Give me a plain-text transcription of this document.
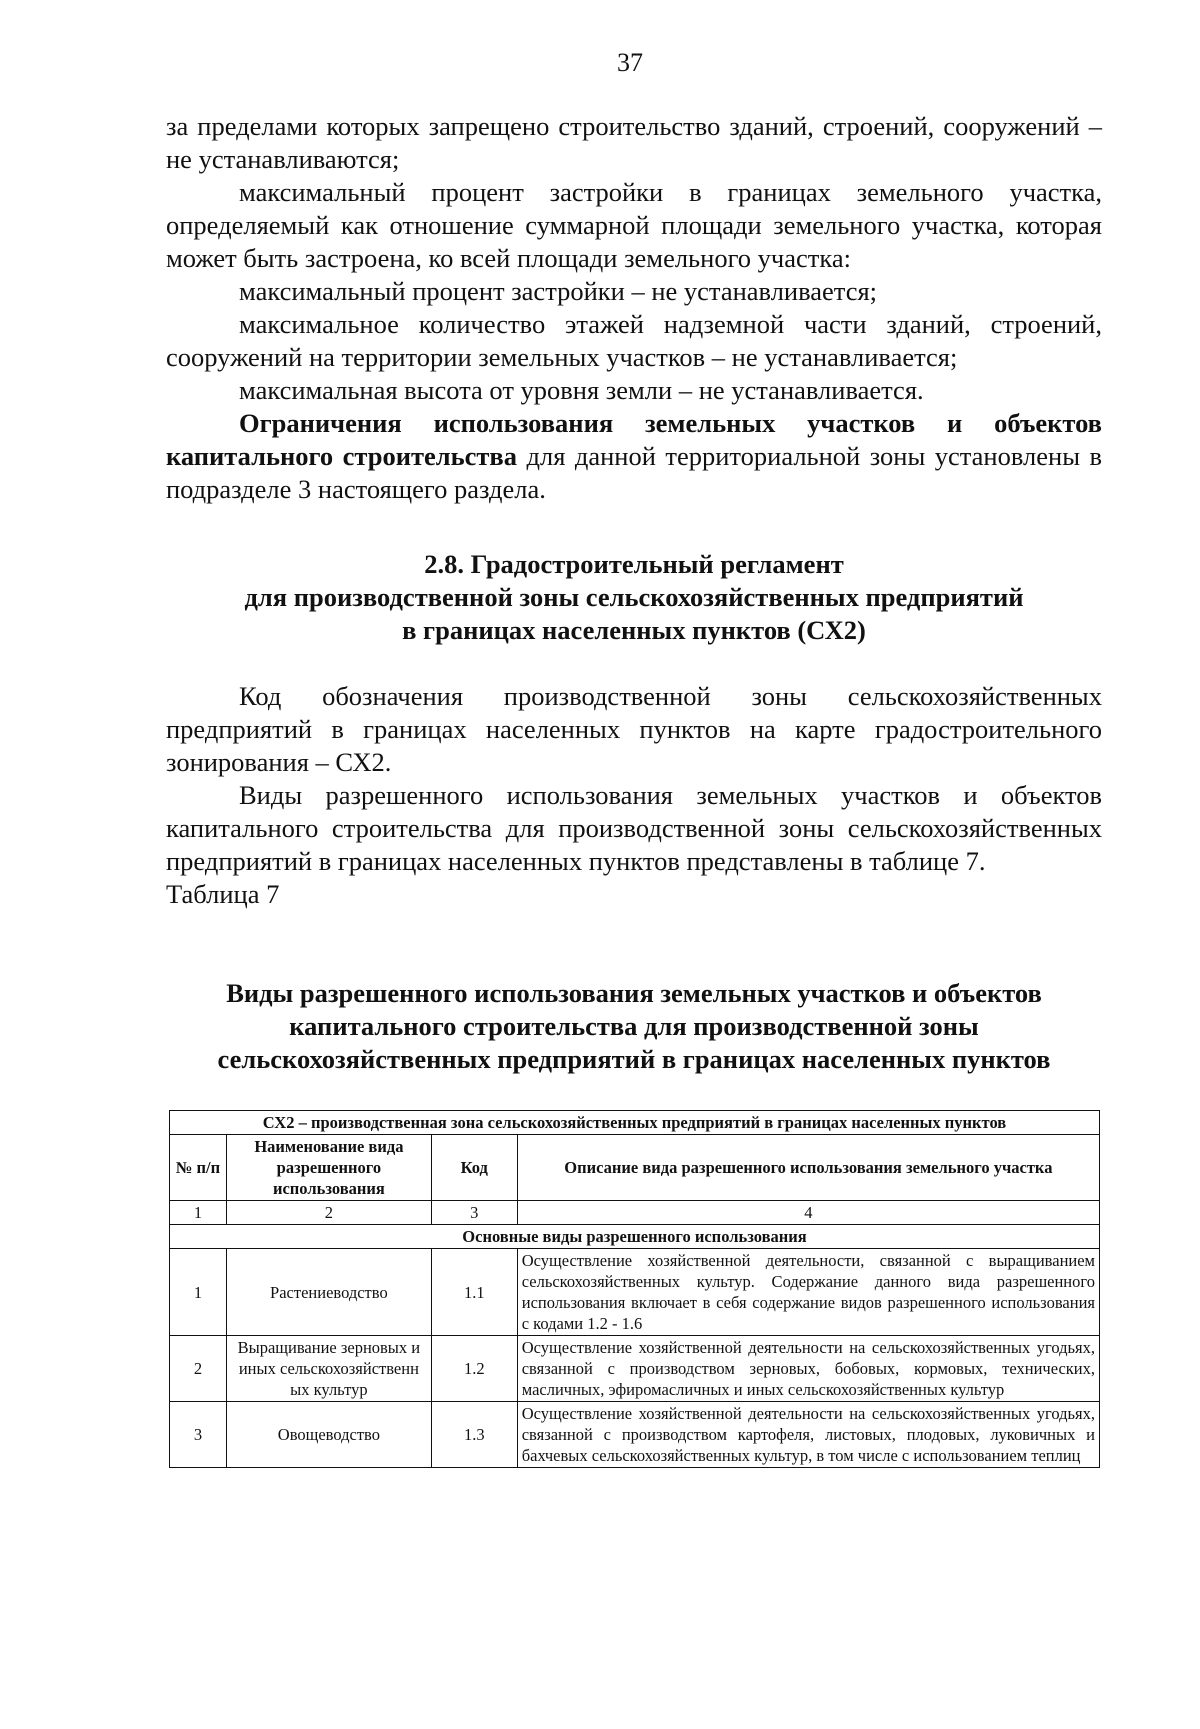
37

за пределами которых запрещено строительство зданий, строений, сооружений – не устанавливаются;

максимальный процент застройки в границах земельного участка, определяемый как отношение суммарной площади земельного участка, которая может быть застроена, ко всей площади земельного участка:

максимальный процент застройки – не устанавливается;

максимальное количество этажей надземной части зданий, строений, сооружений на территории земельных участков – не устанавливается;

максимальная высота от уровня земли – не устанавливается.

Ограничения использования земельных участков и объектов капитального строительства для данной территориальной зоны установлены в подразделе 3 настоящего раздела.

2.8. Градостроительный регламент
для производственной зоны сельскохозяйственных предприятий
в границах населенных пунктов (СХ2)

Код обозначения производственной зоны сельскохозяйственных предприятий в границах населенных пунктов на карте градостроительного зонирования – СХ2.

Виды разрешенного использования земельных участков и объектов капитального строительства для производственной зоны сельскохозяйственных предприятий в границах населенных пунктов представлены в таблице 7.

Таблица 7

Виды разрешенного использования земельных участков и объектов
капитального строительства для производственной зоны
сельскохозяйственных предприятий в границах населенных пунктов
СХ2 – производственная зона сельскохозяйственных предприятий в границах населенных пунктов			
№ п/п	Наименование вида разрешенного использования	Код	Описание вида разрешенного использования земельного участка
1	2	3	4
Основные виды разрешенного использования			
1	Растениеводство	1.1	Осуществление хозяйственной деятельности, связанной с выращиванием сельскохозяйственных культур. Содержание данного вида разрешенного использования включает в себя содержание видов разрешенного использования с кодами 1.2 - 1.6
2	Выращивание зерновых и иных сельскохозяйственн ых культур	1.2	Осуществление хозяйственной деятельности на сельскохозяйственных угодьях, связанной с производством зерновых, бобовых, кормовых, технических, масличных, эфиромасличных и иных сельскохозяйственных культур
3	Овощеводство	1.3	Осуществление хозяйственной деятельности на сельскохозяйственных угодьях, связанной с производством картофеля, листовых, плодовых, луковичных и бахчевых сельскохозяйственных культур, в том числе с использованием теплиц
